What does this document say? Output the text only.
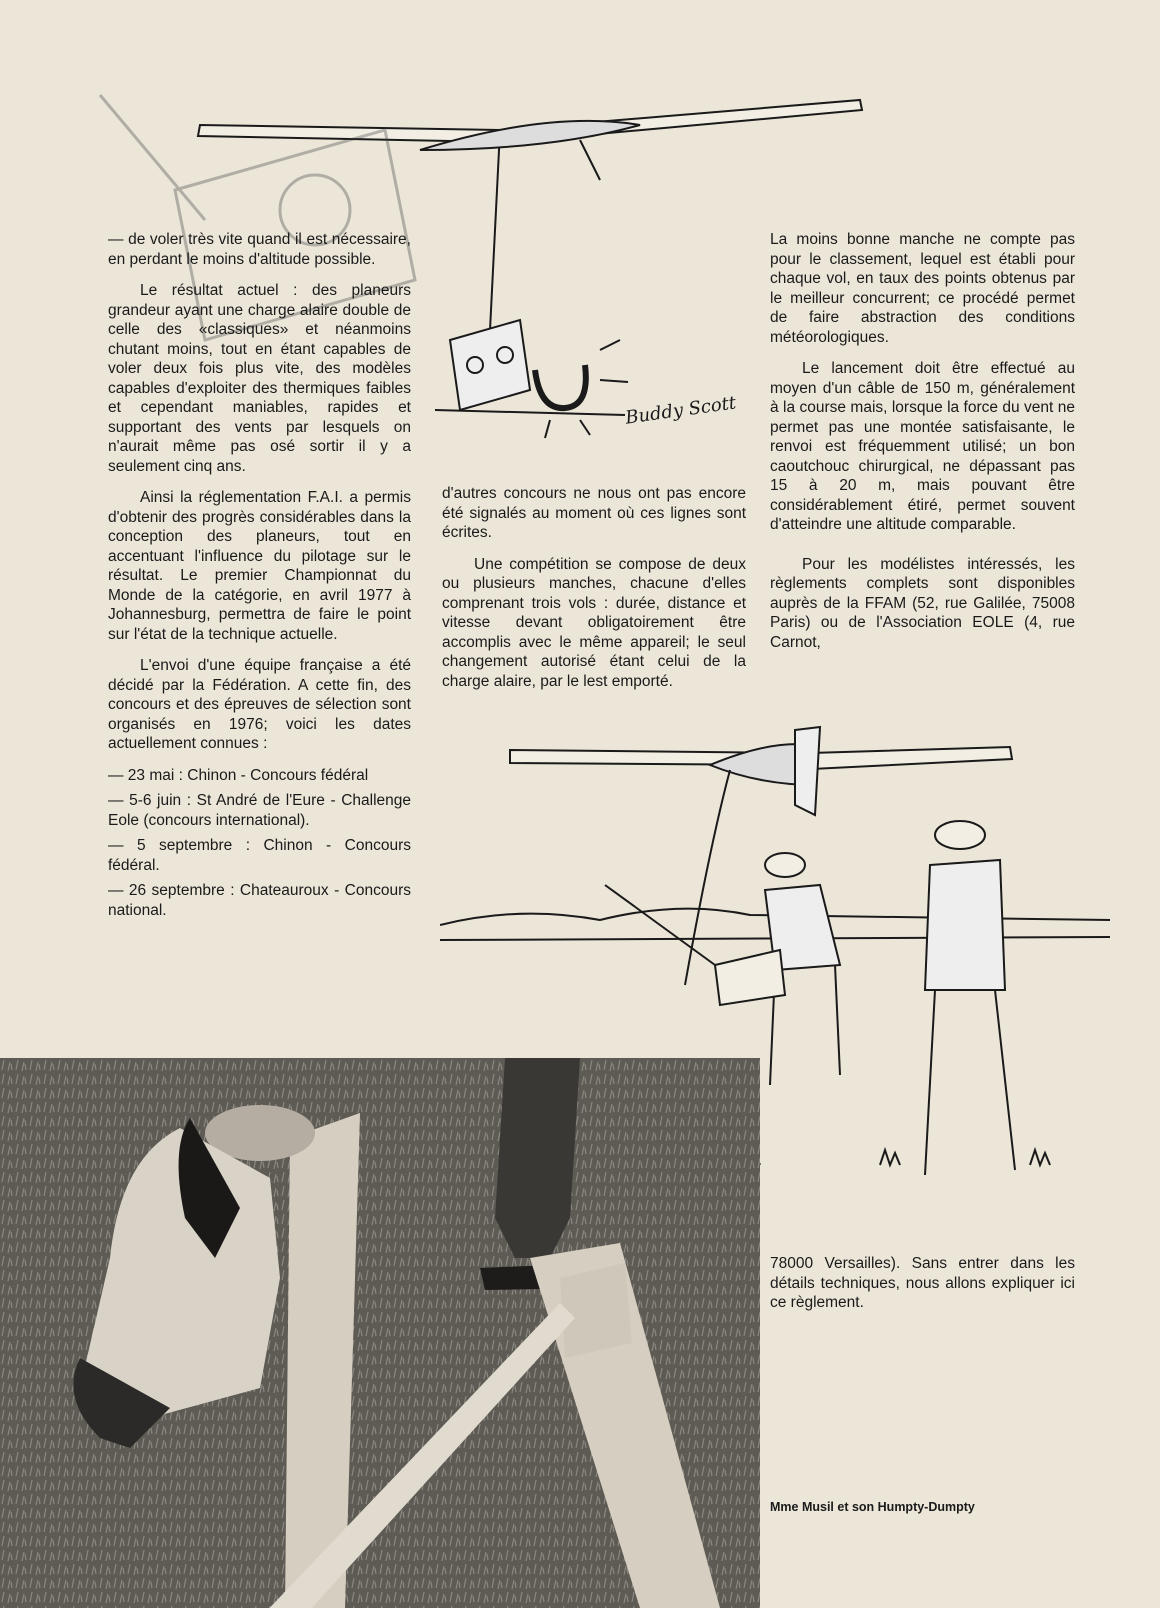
Buddy Scott

— de voler très vite quand il est nécessaire, en perdant le moins d'altitude possible.

Le résultat actuel : des planeurs grandeur ayant une charge alaire double de celle des «classiques» et néanmoins chutant moins, tout en étant capables de voler deux fois plus vite, des modèles capables d'exploiter des thermiques faibles et cependant maniables, rapides et supportant des vents par lesquels on n'aurait même pas osé sortir il y a seulement cinq ans.

Ainsi la réglementation F.A.I. a permis d'obtenir des progrès considérables dans la conception des planeurs, tout en accentuant l'influence du pilotage sur le résultat. Le premier Championnat du Monde de la catégorie, en avril 1977 à Johannesburg, permettra de faire le point sur l'état de la technique actuelle.

L'envoi d'une équipe française a été décidé par la Fédération. A cette fin, des concours et des épreuves de sélection sont organisés en 1976; voici les dates actuellement connues :

— 23 mai : Chinon - Concours fédéral

— 5-6 juin : St André de l'Eure - Challenge Eole (concours international).

— 5 septembre : Chinon - Concours fédéral.

— 26 septembre : Chateauroux - Concours national.

d'autres concours ne nous ont pas encore été signalés au moment où ces lignes sont écrites.

Une compétition se compose de deux ou plusieurs manches, chacune d'elles comprenant trois vols : durée, distance et vitesse devant obligatoirement être accomplis avec le même appareil; le seul changement autorisé étant celui de la charge alaire, par le lest emporté.

La moins bonne manche ne compte pas pour le classement, lequel est établi pour chaque vol, en taux des points obtenus par le meilleur concurrent; ce procédé permet de faire abstraction des conditions météorologiques.

Le lancement doit être effectué au moyen d'un câble de 150 m, généralement à la course mais, lorsque la force du vent ne permet pas une montée satisfaisante, le renvoi est fréquemment utilisé; un bon caoutchouc chirurgical, ne dépassant pas 15 à 20 m, mais pouvant être considérablement étiré, permet souvent d'atteindre une altitude comparable.

Pour les modélistes intéressés, les règlements complets sont disponibles auprès de la FFAM (52, rue Galilée, 75008 Paris) ou de l'Association EOLE (4, rue Carnot,

78000 Versailles). Sans entrer dans les détails techniques, nous allons expliquer ici ce règlement.

Mme Musil et son Humpty-Dumpty
